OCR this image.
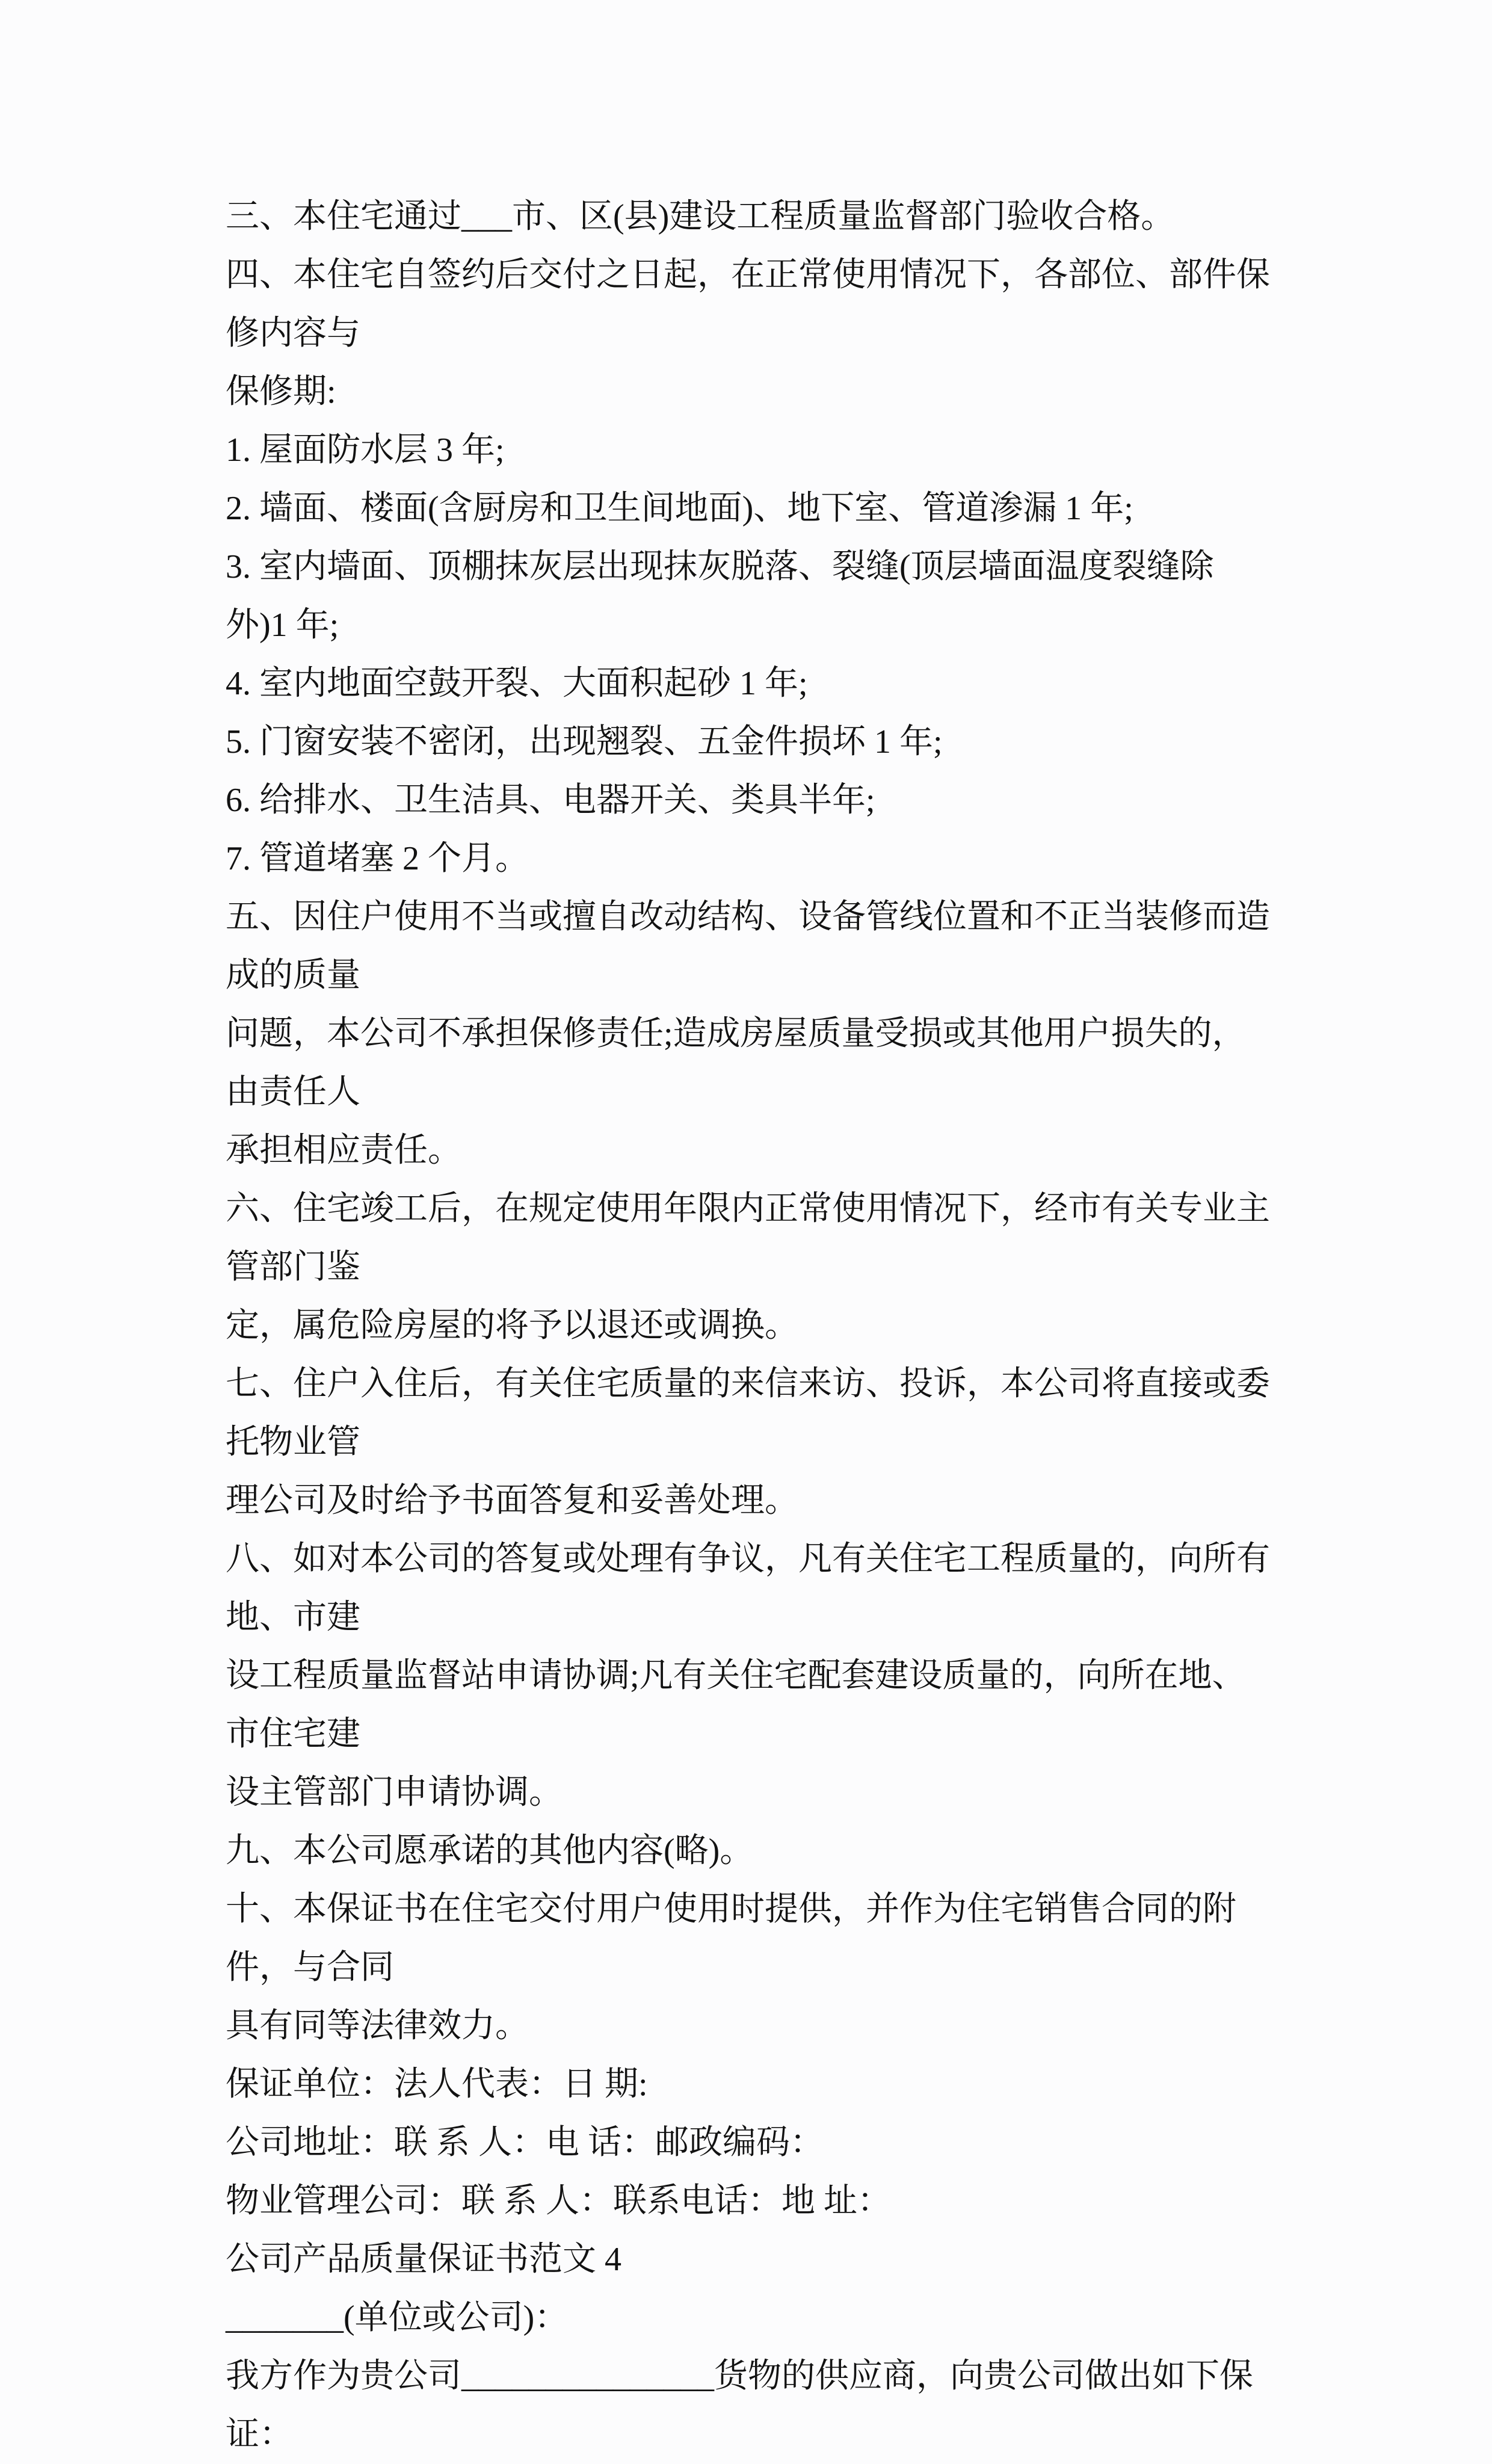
三、本住宅通过___市、区(县)建设工程质量监督部门验收合格。
四、本住宅自签约后交付之日起，在正常使用情况下，各部位、部件保修内容与
保修期:
1. 屋面防水层 3 年;
2. 墙面、楼面(含厨房和卫生间地面)、地下室、管道渗漏 1 年;
3. 室内墙面、顶棚抹灰层出现抹灰脱落、裂缝(顶层墙面温度裂缝除外)1 年;
4. 室内地面空鼓开裂、大面积起砂 1 年;
5. 门窗安装不密闭，出现翘裂、五金件损坏 1 年;
6. 给排水、卫生洁具、电器开关、类具半年;
7. 管道堵塞 2 个月。
五、因住户使用不当或擅自改动结构、设备管线位置和不正当装修而造成的质量
问题，本公司不承担保修责任;造成房屋质量受损或其他用户损失的，由责任人
承担相应责任。
六、住宅竣工后，在规定使用年限内正常使用情况下，经市有关专业主管部门鉴
定，属危险房屋的将予以退还或调换。
七、住户入住后，有关住宅质量的来信来访、投诉，本公司将直接或委托物业管
理公司及时给予书面答复和妥善处理。
八、如对本公司的答复或处理有争议，凡有关住宅工程质量的，向所有地、市建
设工程质量监督站申请协调;凡有关住宅配套建设质量的，向所在地、市住宅建
设主管部门申请协调。
九、本公司愿承诺的其他内容(略)。
十、本保证书在住宅交付用户使用时提供，并作为住宅销售合同的附件，与合同
具有同等法律效力。
保证单位：法人代表：日 期:
公司地址：联 系 人：电 话：邮政编码：
物业管理公司：联 系 人：联系电话：地 址：
公司产品质量保证书范文 4
_______(单位或公司)：
我方作为贵公司_______________货物的供应商，向贵公司做出如下保证：
